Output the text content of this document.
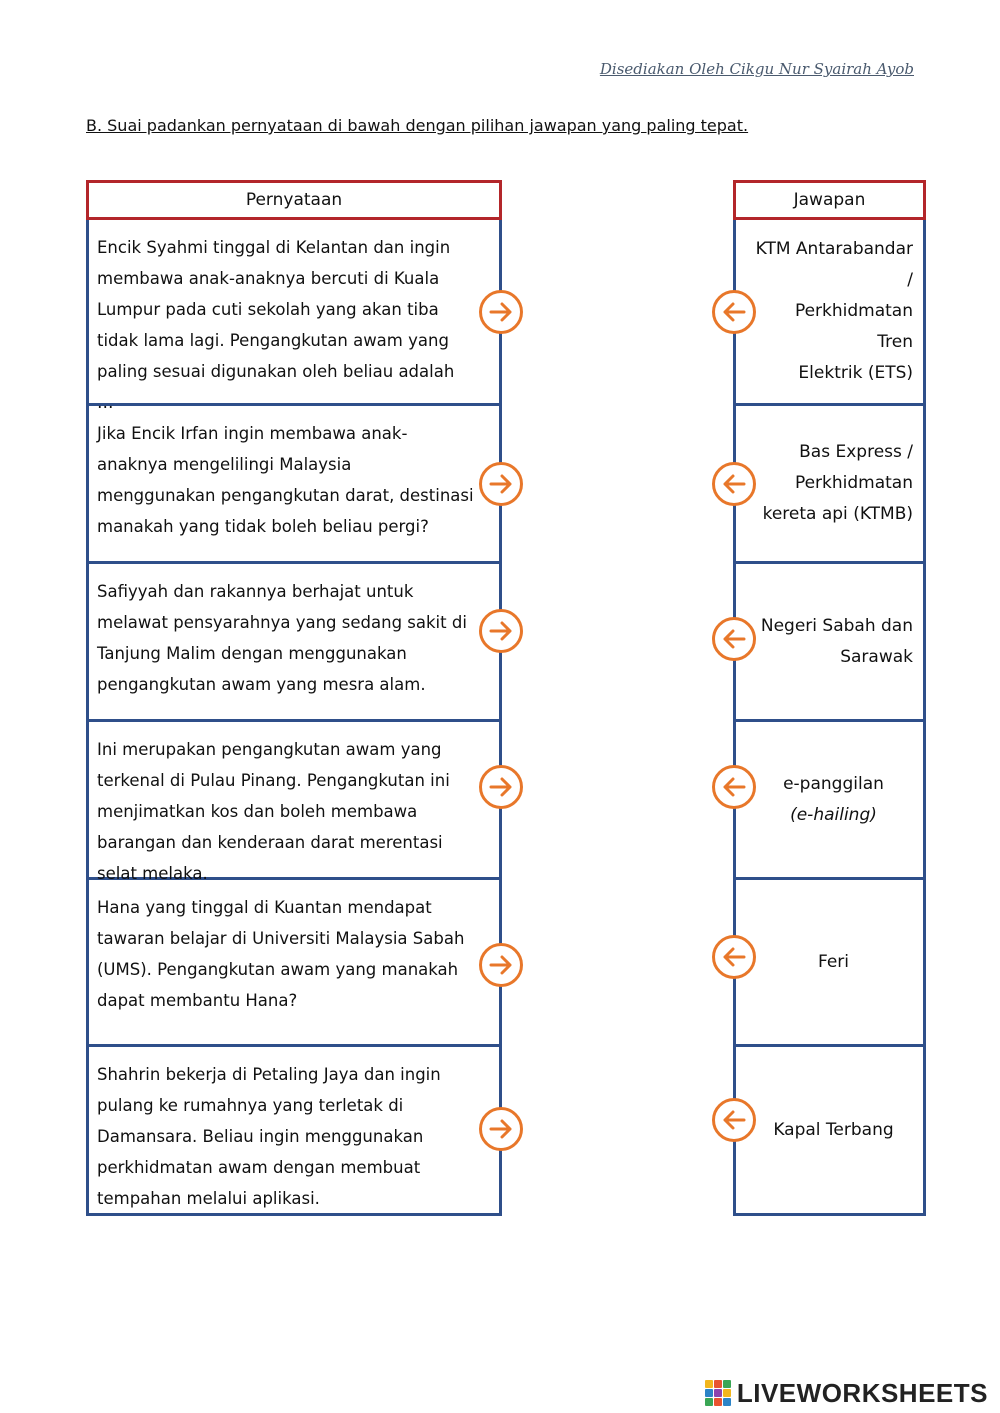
Disediakan Oleh Cikgu Nur Syairah Ayob
B. Suai padankan pernyataan di bawah dengan pilihan jawapan yang paling tepat.
Pernyataan
Encik Syahmi tinggal di Kelantan dan ingin membawa anak-anaknya bercuti di Kuala Lumpur pada cuti sekolah yang akan tiba tidak lama lagi. Pengangkutan awam yang paling sesuai digunakan oleh beliau adalah …
Jika Encik Irfan ingin membawa anak-anaknya mengelilingi Malaysia menggunakan pengangkutan darat, destinasi manakah yang tidak boleh beliau pergi?
Safiyyah dan rakannya berhajat untuk melawat pensyarahnya yang sedang sakit di Tanjung Malim dengan menggunakan pengangkutan awam yang mesra alam.
Ini merupakan pengangkutan awam yang terkenal di Pulau Pinang. Pengangkutan ini menjimatkan kos dan boleh membawa barangan dan kenderaan darat merentasi selat melaka.
Hana yang tinggal di Kuantan mendapat tawaran belajar di Universiti Malaysia Sabah (UMS). Pengangkutan awam yang manakah dapat membantu Hana?
Shahrin bekerja di Petaling Jaya dan ingin pulang ke rumahnya yang terletak di Damansara. Beliau ingin menggunakan perkhidmatan awam dengan membuat tempahan melalui aplikasi.
Jawapan
KTM Antarabandar /
Perkhidmatan Tren
Elektrik (ETS)
Bas Express /
Perkhidmatan
kereta api (KTMB)
Negeri Sabah dan
Sarawak
e-panggilan
(e-hailing)
Feri
Kapal Terbang
LIVEWORKSHEETS
